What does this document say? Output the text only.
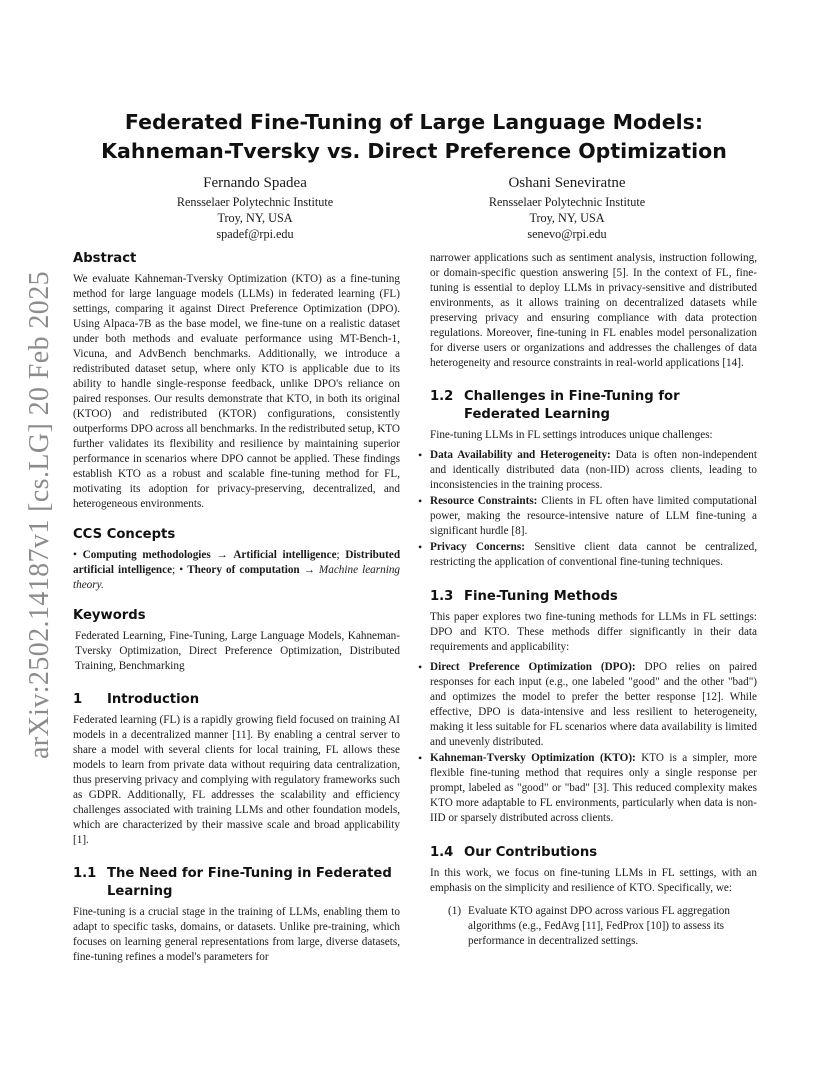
arXiv:2502.14187v1 [cs.LG] 20 Feb 2025
Federated Fine-Tuning of Large Language Models:
Kahneman-Tversky vs. Direct Preference Optimization
Fernando Spadea
Rensselaer Polytechnic Institute
Troy, NY, USA
spadef@rpi.edu
Oshani Seneviratne
Rensselaer Polytechnic Institute
Troy, NY, USA
senevo@rpi.edu
Abstract

We evaluate Kahneman-Tversky Optimization (KTO) as a fine-tuning method for large language models (LLMs) in federated learning (FL) settings, comparing it against Direct Preference Optimization (DPO). Using Alpaca-7B as the base model, we fine-tune on a realistic dataset under both methods and evaluate performance using MT-Bench-1, Vicuna, and AdvBench benchmarks. Additionally, we introduce a redistributed dataset setup, where only KTO is applicable due to its ability to handle single-response feedback, unlike DPO's reliance on paired responses. Our results demonstrate that KTO, in both its original (KTOO) and redistributed (KTOR) configurations, consistently outperforms DPO across all benchmarks. In the redistributed setup, KTO further validates its flexibility and resilience by maintaining superior performance in scenarios where DPO cannot be applied. These findings establish KTO as a robust and scalable fine-tuning method for FL, motivating its adoption for privacy-preserving, decentralized, and heterogeneous environments.

CCS Concepts

• Computing methodologies → Artificial intelligence; Distributed artificial intelligence; • Theory of computation → Machine learning theory.

Keywords

Federated Learning, Fine-Tuning, Large Language Models, Kahneman-Tversky Optimization, Direct Preference Optimization, Distributed Training, Benchmarking

1	Introduction

Federated learning (FL) is a rapidly growing field focused on training AI models in a decentralized manner [11]. By enabling a central server to share a model with several clients for local training, FL allows these models to learn from private data without requiring data centralization, thus preserving privacy and complying with regulatory frameworks such as GDPR. Additionally, FL addresses the scalability and efficiency challenges associated with training LLMs and other foundation models, which are characterized by their massive scale and broad applicability [1].

1.1 The Need for Fine-Tuning in Federated Learning

Fine-tuning is a crucial stage in the training of LLMs, enabling them to adapt to specific tasks, domains, or datasets. Unlike pre-training, which focuses on learning general representations from large, diverse datasets, fine-tuning refines a model's parameters for

narrower applications such as sentiment analysis, instruction following, or domain-specific question answering [5]. In the context of FL, fine-tuning is essential to deploy LLMs in privacy-sensitive and distributed environments, as it allows training on decentralized datasets while preserving privacy and ensuring compliance with data protection regulations. Moreover, fine-tuning in FL enables model personalization for diverse users or organizations and addresses the challenges of data heterogeneity and resource constraints in real-world applications [14].

1.2 Challenges in Fine-Tuning for Federated Learning

Fine-tuning LLMs in FL settings introduces unique challenges:

• Data Availability and Heterogeneity: Data is often non-independent and identically distributed data (non-IID) across clients, leading to inconsistencies in the training process.
• Resource Constraints: Clients in FL often have limited computational power, making the resource-intensive nature of LLM fine-tuning a significant hurdle [8].
• Privacy Concerns: Sensitive client data cannot be centralized, restricting the application of conventional fine-tuning techniques.
1.3 Fine-Tuning Methods

This paper explores two fine-tuning methods for LLMs in FL settings: DPO and KTO. These methods differ significantly in their data requirements and applicability:

• Direct Preference Optimization (DPO): DPO relies on paired responses for each input (e.g., one labeled "good" and the other "bad") and optimizes the model to prefer the better response [12]. While effective, DPO is data-intensive and less resilient to heterogeneity, making it less suitable for FL scenarios where data availability is limited and unevenly distributed.
• Kahneman-Tversky Optimization (KTO): KTO is a simpler, more flexible fine-tuning method that requires only a single response per prompt, labeled as "good" or "bad" [3]. This reduced complexity makes KTO more adaptable to FL environments, particularly when data is non-IID or sparsely distributed across clients.
1.4 Our Contributions

In this work, we focus on fine-tuning LLMs in FL settings, with an emphasis on the simplicity and resilience of KTO. Specifically, we:

(1) Evaluate KTO against DPO across various FL aggregation algorithms (e.g., FedAvg [11], FedProx [10]) to assess its performance in decentralized settings.
